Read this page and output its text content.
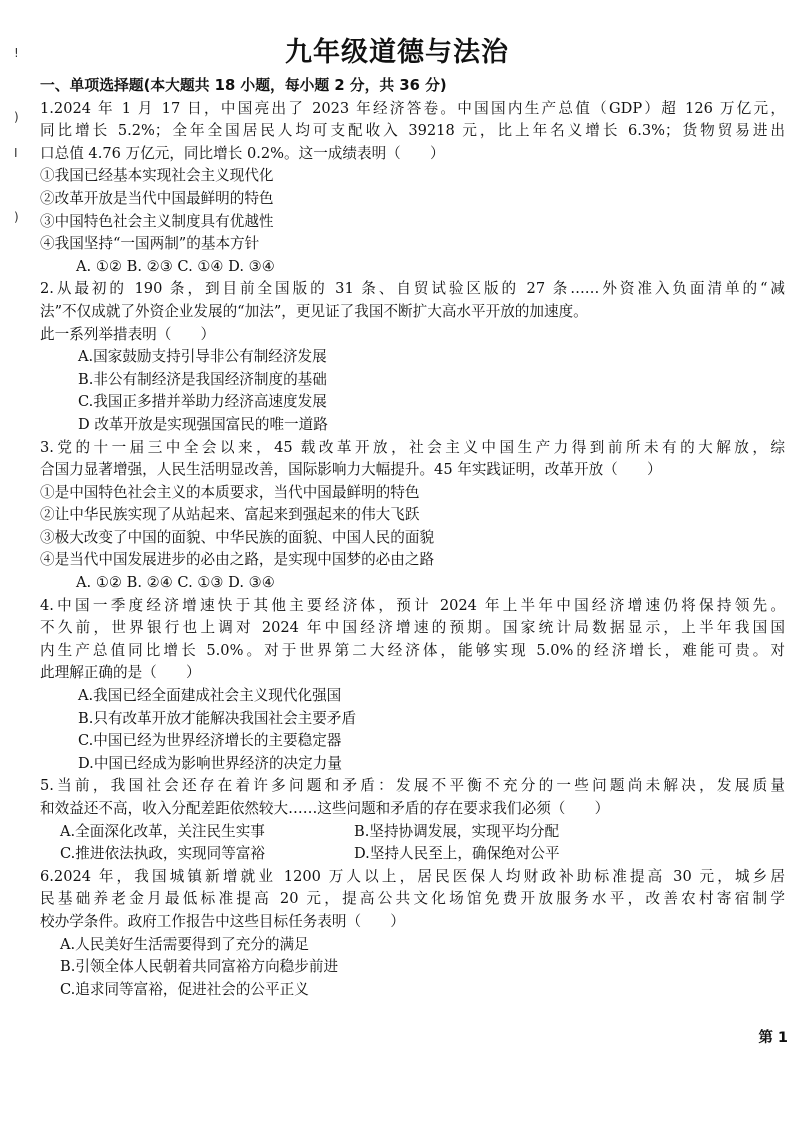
!
)
I
)
九年级道德与法治
一、单项选择题(本大题共 18 小题，每小题 2 分，共 36 分)
1.2024 年 1 月 17 日，中国亮出了 2023 年经济答卷。中国国内生产总值（GDP）超 126 万亿元，
同比增长 5.2%；全年全国居民人均可支配收入 39218 元，比上年名义增长 6.3%；货物贸易进出
口总值 4.76 万亿元，同比增长 0.2%。这一成绩表明（　　）
①我国已经基本实现社会主义现代化
②改革开放是当代中国最鲜明的特色
③中国特色社会主义制度具有优越性
④我国坚持“一国两制”的基本方针
A. ①② B. ②③ C. ①④ D. ③④
2.从最初的 190 条，到目前全国版的 31 条、自贸试验区版的 27 条……外资准入负面清单的“减
法”不仅成就了外资企业发展的“加法”，更见证了我国不断扩大高水平开放的加速度。
此一系列举措表明（　　）
A.国家鼓励支持引导非公有制经济发展
B.非公有制经济是我国经济制度的基础
C.我国正多措并举助力经济高速度发展
D 改革开放是实现强国富民的唯一道路
3.党的十一届三中全会以来，45 载改革开放，社会主义中国生产力得到前所未有的大解放，综
合国力显著增强，人民生活明显改善，国际影响力大幅提升。45 年实践证明，改革开放（　　）
①是中国特色社会主义的本质要求，当代中国最鲜明的特色
②让中华民族实现了从站起来、富起来到强起来的伟大飞跃
③极大改变了中国的面貌、中华民族的面貌、中国人民的面貌
④是当代中国发展进步的必由之路，是实现中国梦的必由之路
A. ①② B. ②④ C. ①③ D. ③④
4.中国一季度经济增速快于其他主要经济体，预计 2024 年上半年中国经济增速仍将保持领先。
不久前，世界银行也上调对 2024 年中国经济增速的预期。国家统计局数据显示，上半年我国国
内生产总值同比增长 5.0%。对于世界第二大经济体，能够实现 5.0%的经济增长，难能可贵。对
此理解正确的是（　　）
A.我国已经全面建成社会主义现代化强国
B.只有改革开放才能解决我国社会主要矛盾
C.中国已经为世界经济增长的主要稳定器
D.中国已经成为影响世界经济的决定力量
5.当前，我国社会还存在着许多问题和矛盾：发展不平衡不充分的一些问题尚未解决，发展质量
和效益还不高，收入分配差距依然较大……这些问题和矛盾的存在要求我们必须（　　）
A.全面深化改革，关注民生实事	B.坚持协调发展，实现平均分配
C.推进依法执政，实现同等富裕	D.坚持人民至上，确保绝对公平
6.2024 年，我国城镇新增就业 1200 万人以上，居民医保人均财政补助标准提高 30 元，城乡居
民基础养老金月最低标准提高 20 元，提高公共文化场馆免费开放服务水平，改善农村寄宿制学
校办学条件。政府工作报告中这些目标任务表明（　　）
A.人民美好生活需要得到了充分的满足
B.引领全体人民朝着共同富裕方向稳步前进
C.追求同等富裕，促进社会的公平正义
第 1
